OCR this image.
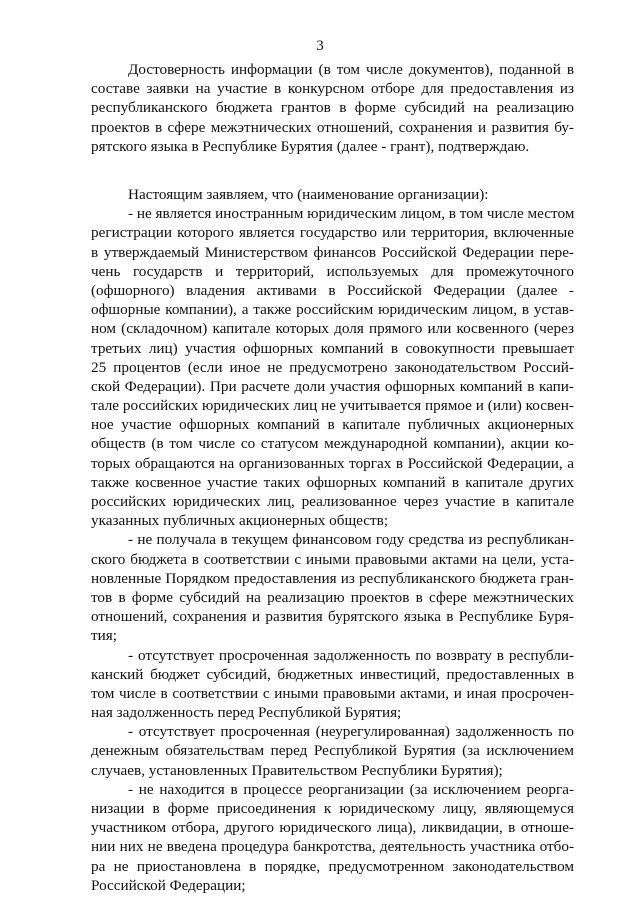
3
Достоверность информации (в том числе документов), поданной в
составе заявки на участие в конкурсном отборе для предоставления из
республиканского бюджета грантов в форме субсидий на реализацию
проектов в сфере межэтнических отношений, сохранения и развития бу-
рятского языка в Республике Бурятия (далее - грант), подтверждаю.
Настоящим заявляем, что (наименование организации):
- не является иностранным юридическим лицом, в том числе местом
регистрации которого является государство или территория, включенные
в утверждаемый Министерством финансов Российской Федерации пере-
чень государств и территорий, используемых для промежуточного
(офшорного) владения активами в Российской Федерации (далее -
офшорные компании), а также российским юридическим лицом, в устав-
ном (складочном) капитале которых доля прямого или косвенного (через
третьих лиц) участия офшорных компаний в совокупности превышает
25 процентов (если иное не предусмотрено законодательством Россий-
ской Федерации). При расчете доли участия офшорных компаний в капи-
тале российских юридических лиц не учитывается прямое и (или) косвен-
ное участие офшорных компаний в капитале публичных акционерных
обществ (в том числе со статусом международной компании), акции ко-
торых обращаются на организованных торгах в Российской Федерации, а
также косвенное участие таких офшорных компаний в капитале других
российских юридических лиц, реализованное через участие в капитале
указанных публичных акционерных обществ;
- не получала в текущем финансовом году средства из республикан-
ского бюджета в соответствии с иными правовыми актами на цели, уста-
новленные Порядком предоставления из республиканского бюджета гран-
тов в форме субсидий на реализацию проектов в сфере межэтнических
отношений, сохранения и развития бурятского языка в Республике Буря-
тия;
- отсутствует просроченная задолженность по возврату в республи-
канский бюджет субсидий, бюджетных инвестиций, предоставленных в
том числе в соответствии с иными правовыми актами, и иная просрочен-
ная задолженность перед Республикой Бурятия;
- отсутствует просроченная (неурегулированная) задолженность по
денежным обязательствам перед Республикой Бурятия (за исключением
случаев, установленных Правительством Республики Бурятия);
- не находится в процессе реорганизации (за исключением реорга-
низации в форме присоединения к юридическому лицу, являющемуся
участником отбора, другого юридического лица), ликвидации, в отноше-
нии них не введена процедура банкротства, деятельность участника отбо-
ра не приостановлена в порядке, предусмотренном законодательством
Российской Федерации;
